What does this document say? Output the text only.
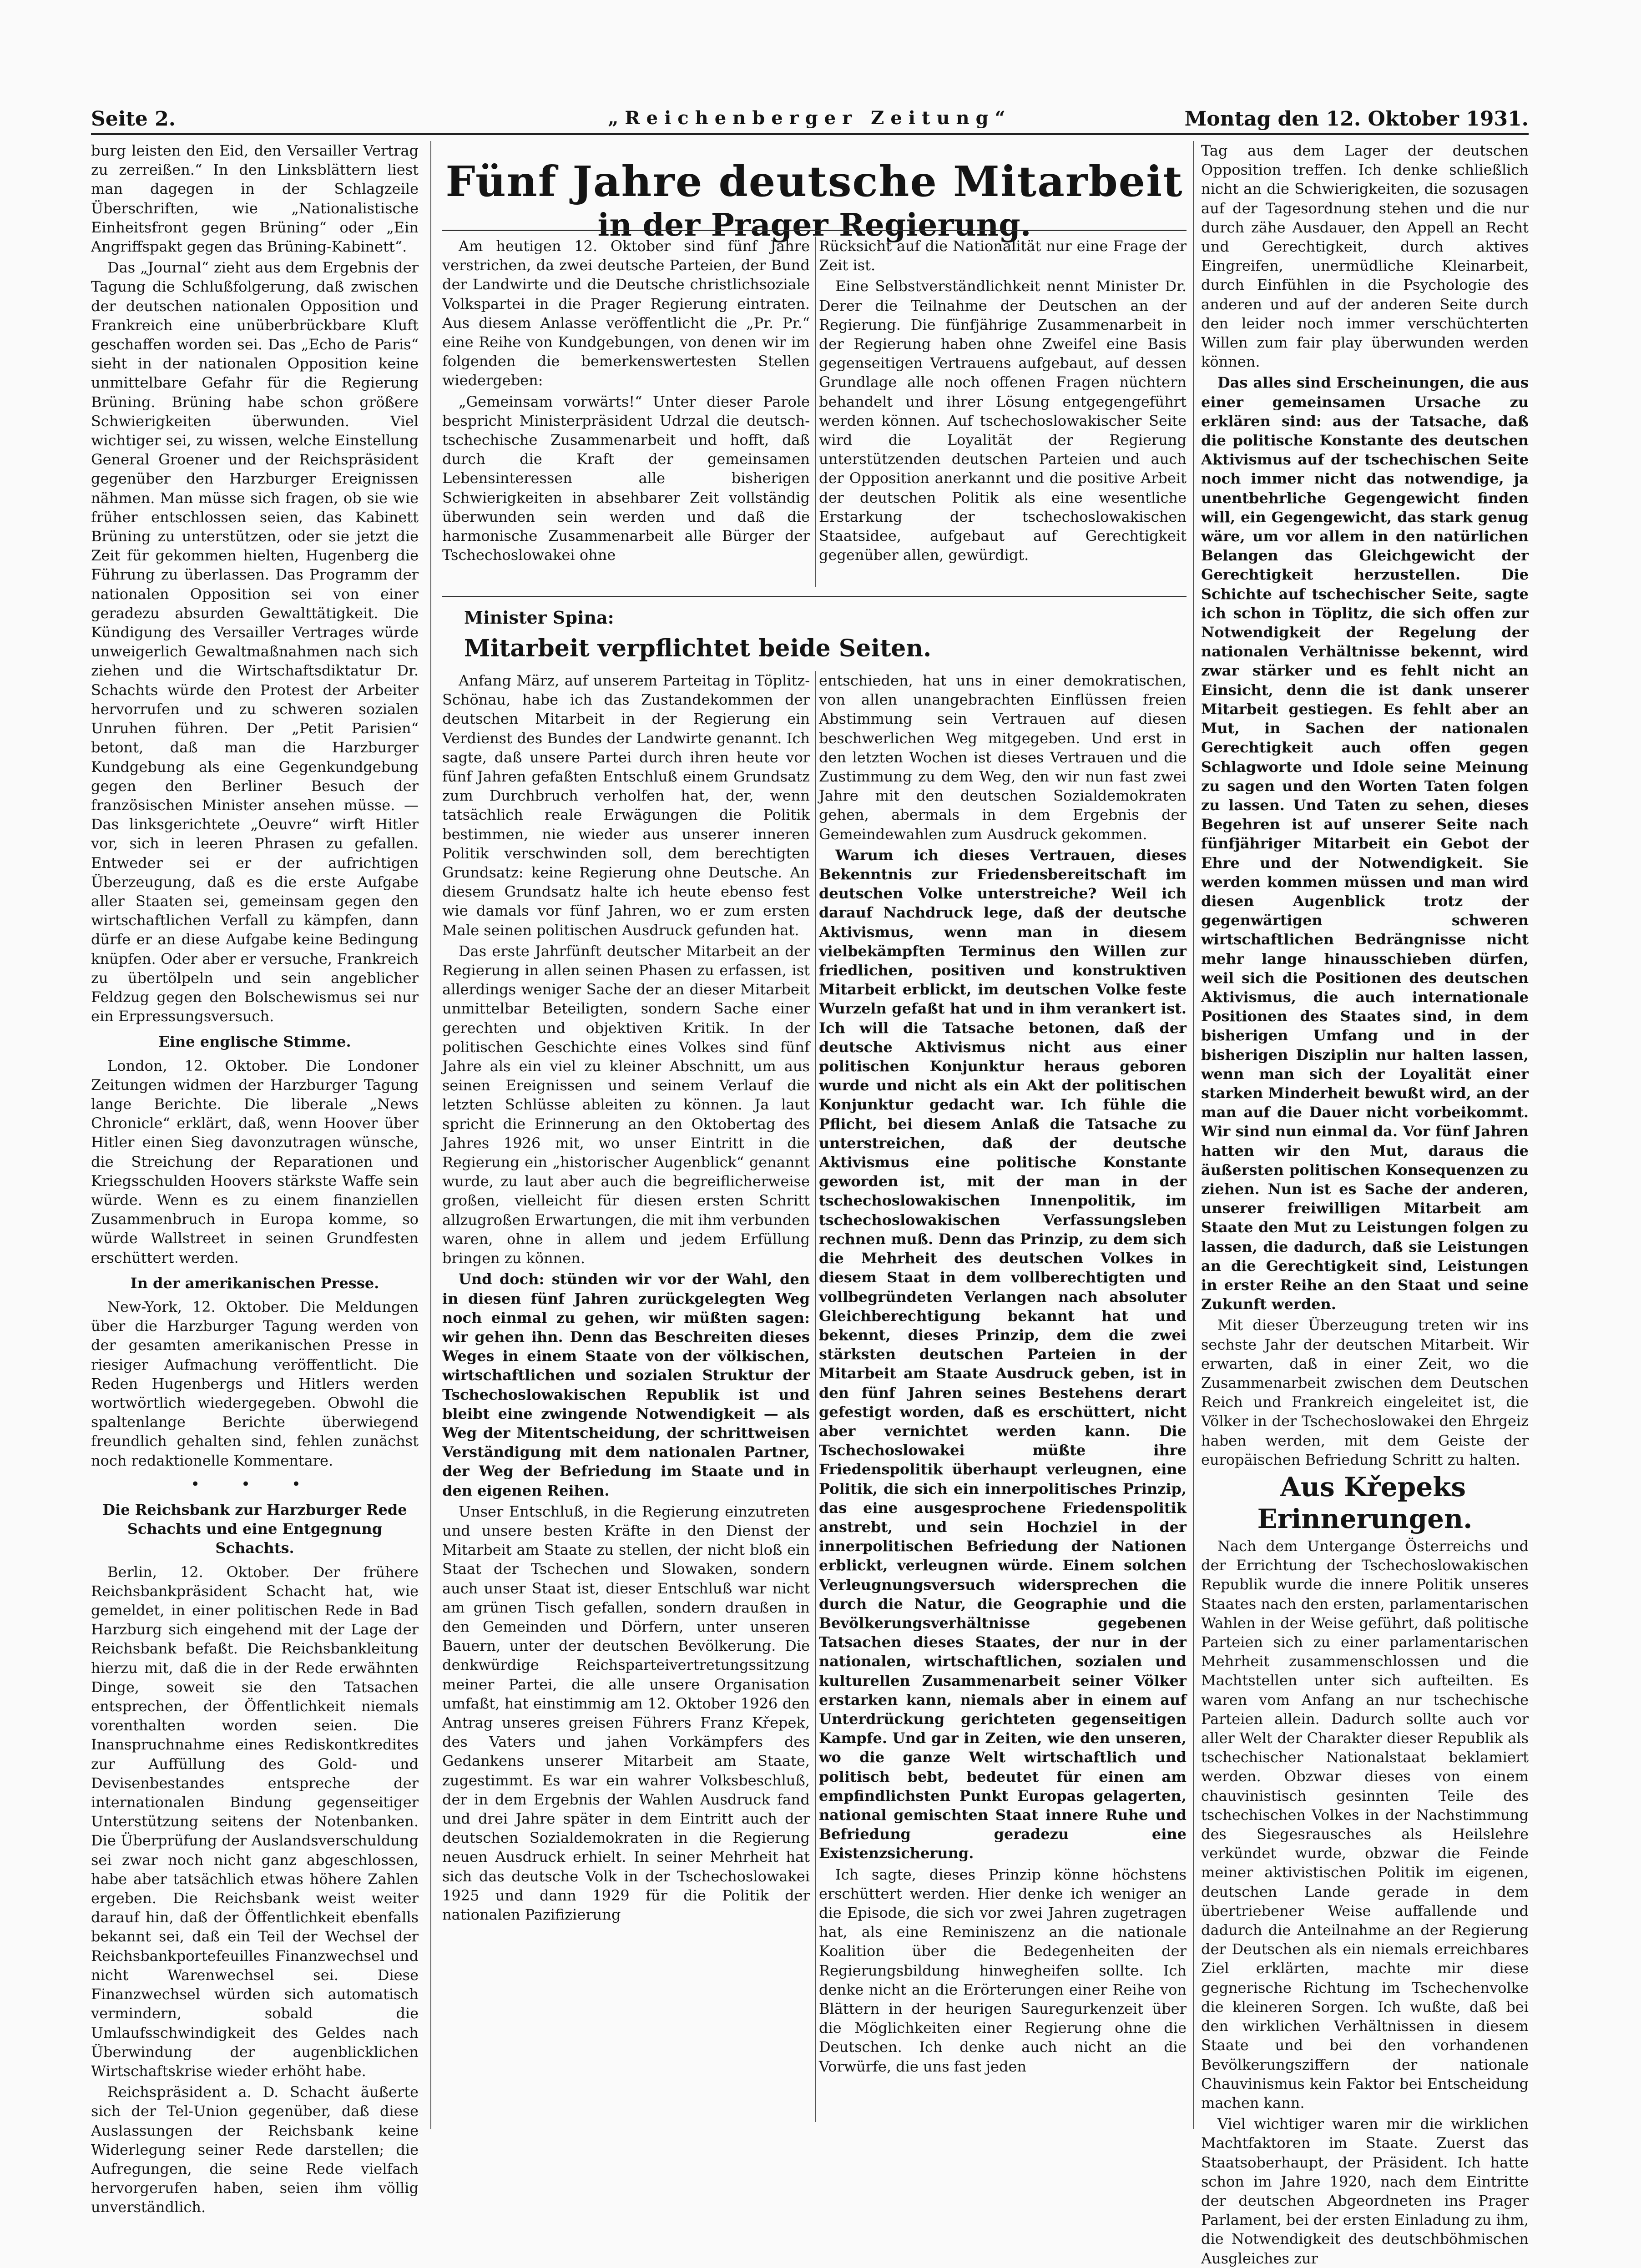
Seite 2.	„Reichenberger Zeitung“	Montag den 12. Oktober 1931.

burg leisten den Eid, den Versailler Vertrag zu zerreißen.“ In den Linksblättern liest man dagegen in der Schlagzeile Überschriften, wie „Nationalistische Einheitsfront gegen Brüning“ oder „Ein Angriffspakt gegen das Brüning-Kabinett“.

Das „Journal“ zieht aus dem Ergebnis der Tagung die Schlußfolgerung, daß zwischen der deutschen nationalen Opposition und Frankreich eine unüberbrückbare Kluft geschaffen worden sei. Das „Echo de Paris“ sieht in der nationalen Opposition keine unmittelbare Gefahr für die Regierung Brüning. Brüning habe schon größere Schwierigkeiten überwunden. Viel wichtiger sei, zu wissen, welche Einstellung General Groener und der Reichspräsident gegenüber den Harzburger Ereignissen nähmen. Man müsse sich fragen, ob sie wie früher entschlossen seien, das Kabinett Brüning zu unterstützen, oder sie jetzt die Zeit für gekommen hielten, Hugenberg die Führung zu überlassen. Das Programm der nationalen Opposition sei von einer geradezu absurden Gewalttätigkeit. Die Kündigung des Versailler Vertrages würde unweigerlich Gewaltmaßnahmen nach sich ziehen und die Wirtschaftsdiktatur Dr. Schachts würde den Protest der Arbeiter hervorrufen und zu schweren sozialen Unruhen führen. Der „Petit Parisien“ betont, daß man die Harzburger Kundgebung als eine Gegenkundgebung gegen den Berliner Besuch der französischen Minister ansehen müsse. — Das linksgerichtete „Oeuvre“ wirft Hitler vor, sich in leeren Phrasen zu gefallen. Entweder sei er der aufrichtigen Überzeugung, daß es die erste Aufgabe aller Staaten sei, gemeinsam gegen den wirtschaftlichen Verfall zu kämpfen, dann dürfe er an diese Aufgabe keine Bedingung knüpfen. Oder aber er versuche, Frankreich zu übertölpeln und sein angeblicher Feldzug gegen den Bolschewismus sei nur ein Erpressungsversuch.

Eine englische Stimme.

London, 12. Oktober. Die Londoner Zeitungen widmen der Harzburger Tagung lange Berichte. Die liberale „News Chronicle“ erklärt, daß, wenn Hoover über Hitler einen Sieg davonzutragen wünsche, die Streichung der Reparationen und Kriegsschulden Hoovers stärkste Waffe sein würde. Wenn es zu einem finanziellen Zusammenbruch in Europa komme, so würde Wallstreet in seinen Grundfesten erschüttert werden.

In der amerikanischen Presse.

New-York, 12. Oktober. Die Meldungen über die Harzburger Tagung werden von der gesamten amerikanischen Presse in riesiger Aufmachung veröffentlicht. Die Reden Hugenbergs und Hitlers werden wortwörtlich wiedergegeben. Obwohl die spaltenlange Berichte überwiegend freundlich gehalten sind, fehlen zunächst noch redaktionelle Kommentare.

• • •

Die Reichsbank zur Harzburger Rede Schachts und eine Entgegnung Schachts.

Berlin, 12. Oktober. Der frühere Reichsbankpräsident Schacht hat, wie gemeldet, in einer politischen Rede in Bad Harzburg sich eingehend mit der Lage der Reichsbank befaßt. Die Reichsbankleitung hierzu mit, daß die in der Rede erwähnten Dinge, soweit sie den Tatsachen entsprechen, der Öffentlichkeit niemals vorenthalten worden seien. Die Inanspruchnahme eines Rediskontkredites zur Auffüllung des Gold- und Devisenbestandes entspreche der internationalen Bindung gegenseitiger Unterstützung seitens der Notenbanken. Die Überprüfung der Auslandsverschuldung sei zwar noch nicht ganz abgeschlossen, habe aber tatsächlich etwas höhere Zahlen ergeben. Die Reichsbank weist weiter darauf hin, daß der Öffentlichkeit ebenfalls bekannt sei, daß ein Teil der Wechsel der Reichsbankportefeuilles Finanzwechsel und nicht Warenwechsel sei. Diese Finanzwechsel würden sich automatisch vermindern, sobald die Umlaufsschwindigkeit des Geldes nach Überwindung der augenblicklichen Wirtschaftskrise wieder erhöht habe.

Reichspräsident a. D. Schacht äußerte sich der Tel-Union gegenüber, daß diese Auslassungen der Reichsbank keine Widerlegung seiner Rede darstellen; die Aufregungen, die seine Rede vielfach hervorgerufen haben, seien ihm völlig unverständlich.

Fünf Jahre deutsche Mitarbeit
in der Prager Regierung.

Am heutigen 12. Oktober sind fünf Jahre verstrichen, da zwei deutsche Parteien, der Bund der Landwirte und die Deutsche christlichsoziale Volkspartei in die Prager Regierung eintraten. Aus diesem Anlasse veröffentlicht die „Pr. Pr.“ eine Reihe von Kundgebungen, von denen wir im folgenden die bemerkenswertesten Stellen wiedergeben:

„Gemeinsam vorwärts!“ Unter dieser Parole bespricht Ministerpräsident Udrzal die deutsch-tschechische Zusammenarbeit und hofft, daß durch die Kraft der gemeinsamen Lebensinteressen alle bisherigen Schwierigkeiten in absehbarer Zeit vollständig überwunden sein werden und daß die harmonische Zusammenarbeit alle Bürger der Tschechoslowakei ohne

Rücksicht auf die Nationalität nur eine Frage der Zeit ist.

Eine Selbstverständlichkeit nennt Minister Dr. Derer die Teilnahme der Deutschen an der Regierung. Die fünfjährige Zusammenarbeit in der Regierung haben ohne Zweifel eine Basis gegenseitigen Vertrauens aufgebaut, auf dessen Grundlage alle noch offenen Fragen nüchtern behandelt und ihrer Lösung entgegengeführt werden können. Auf tschechoslowakischer Seite wird die Loyalität der Regierung unterstützenden deutschen Parteien und auch der Opposition anerkannt und die positive Arbeit der deutschen Politik als eine wesentliche Erstarkung der tschechoslowakischen Staatsidee, aufgebaut auf Gerechtigkeit gegenüber allen, gewürdigt.

Minister Spina:
Mitarbeit verpflichtet beide Seiten.

Anfang März, auf unserem Parteitag in Töplitz-Schönau, habe ich das Zustandekommen der deutschen Mitarbeit in der Regierung ein Verdienst des Bundes der Landwirte genannt. Ich sagte, daß unsere Partei durch ihren heute vor fünf Jahren gefaßten Entschluß einem Grundsatz zum Durchbruch verholfen hat, der, wenn tatsächlich reale Erwägungen die Politik bestimmen, nie wieder aus unserer inneren Politik verschwinden soll, dem berechtigten Grundsatz: keine Regierung ohne Deutsche. An diesem Grundsatz halte ich heute ebenso fest wie damals vor fünf Jahren, wo er zum ersten Male seinen politischen Ausdruck gefunden hat.

Das erste Jahrfünft deutscher Mitarbeit an der Regierung in allen seinen Phasen zu erfassen, ist allerdings weniger Sache der an dieser Mitarbeit unmittelbar Beteiligten, sondern Sache einer gerechten und objektiven Kritik. In der politischen Geschichte eines Volkes sind fünf Jahre als ein viel zu kleiner Abschnitt, um aus seinen Ereignissen und seinem Verlauf die letzten Schlüsse ableiten zu können. Ja laut spricht die Erinnerung an den Oktobertag des Jahres 1926 mit, wo unser Eintritt in die Regierung ein „historischer Augenblick“ genannt wurde, zu laut aber auch die begreiflicherweise großen, vielleicht für diesen ersten Schritt allzugroßen Erwartungen, die mit ihm verbunden waren, ohne in allem und jedem Erfüllung bringen zu können.

Und doch: stünden wir vor der Wahl, den in diesen fünf Jahren zurückgelegten Weg noch einmal zu gehen, wir müßten sagen: wir gehen ihn. Denn das Beschreiten dieses Weges in einem Staate von der völkischen, wirtschaftlichen und sozialen Struktur der Tschechoslowakischen Republik ist und bleibt eine zwingende Notwendigkeit — als Weg der Mitentscheidung, der schrittweisen Verständigung mit dem nationalen Partner, der Weg der Befriedung im Staate und in den eigenen Reihen.

Unser Entschluß, in die Regierung einzutreten und unsere besten Kräfte in den Dienst der Mitarbeit am Staate zu stellen, der nicht bloß ein Staat der Tschechen und Slowaken, sondern auch unser Staat ist, dieser Entschluß war nicht am grünen Tisch gefallen, sondern draußen in den Gemeinden und Dörfern, unter unseren Bauern, unter der deutschen Bevölkerung. Die denkwürdige Reichsparteivertretungssitzung meiner Partei, die alle unsere Organisation umfaßt, hat einstimmig am 12. Oktober 1926 den Antrag unseres greisen Führers Franz Křepek, des Vaters und jahen Vorkämpfers des Gedankens unserer Mitarbeit am Staate, zugestimmt. Es war ein wahrer Volksbeschluß, der in dem Ergebnis der Wahlen Ausdruck fand und drei Jahre später in dem Eintritt auch der deutschen Sozialdemokraten in die Regierung neuen Ausdruck erhielt. In seiner Mehrheit hat sich das deutsche Volk in der Tschechoslowakei 1925 und dann 1929 für die Politik der nationalen Pazifizierung

entschieden, hat uns in einer demokratischen, von allen unangebrachten Einflüssen freien Abstimmung sein Vertrauen auf diesen beschwerlichen Weg mitgegeben. Und erst in den letzten Wochen ist dieses Vertrauen und die Zustimmung zu dem Weg, den wir nun fast zwei Jahre mit den deutschen Sozialdemokraten gehen, abermals in dem Ergebnis der Gemeindewahlen zum Ausdruck gekommen.

Warum ich dieses Vertrauen, dieses Bekenntnis zur Friedensbereitschaft im deutschen Volke unterstreiche? Weil ich darauf Nachdruck lege, daß der deutsche Aktivismus, wenn man in diesem vielbekämpften Terminus den Willen zur friedlichen, positiven und konstruktiven Mitarbeit erblickt, im deutschen Volke feste Wurzeln gefaßt hat und in ihm verankert ist. Ich will die Tatsache betonen, daß der deutsche Aktivismus nicht aus einer politischen Konjunktur heraus geboren wurde und nicht als ein Akt der politischen Konjunktur gedacht war. Ich fühle die Pflicht, bei diesem Anlaß die Tatsache zu unterstreichen, daß der deutsche Aktivismus eine politische Konstante geworden ist, mit der man in der tschechoslowakischen Innenpolitik, im tschechoslowakischen Verfassungsleben rechnen muß. Denn das Prinzip, zu dem sich die Mehrheit des deutschen Volkes in diesem Staat in dem vollberechtigten und vollbegründeten Verlangen nach absoluter Gleichberechtigung bekannt hat und bekennt, dieses Prinzip, dem die zwei stärksten deutschen Parteien in der Mitarbeit am Staate Ausdruck geben, ist in den fünf Jahren seines Bestehens derart gefestigt worden, daß es erschüttert, nicht aber vernichtet werden kann. Die Tschechoslowakei müßte ihre Friedenspolitik überhaupt verleugnen, eine Politik, die sich ein innerpolitisches Prinzip, das eine ausgesprochene Friedenspolitik anstrebt, und sein Hochziel in der innerpolitischen Befriedung der Nationen erblickt, verleugnen würde. Einem solchen Verleugnungsversuch widersprechen die durch die Natur, die Geographie und die Bevölkerungsverhältnisse gegebenen Tatsachen dieses Staates, der nur in der nationalen, wirtschaftlichen, sozialen und kulturellen Zusammenarbeit seiner Völker erstarken kann, niemals aber in einem auf Unterdrückung gerichteten gegenseitigen Kampfe. Und gar in Zeiten, wie den unseren, wo die ganze Welt wirtschaftlich und politisch bebt, bedeutet für einen am empfindlichsten Punkt Europas gelagerten, national gemischten Staat innere Ruhe und Befriedung geradezu eine Existenzsicherung.

Ich sagte, dieses Prinzip könne höchstens erschüttert werden. Hier denke ich weniger an die Episode, die sich vor zwei Jahren zugetragen hat, als eine Reminiszenz an die nationale Koalition über die Bedegenheiten der Regierungsbildung hinwegheifen sollte. Ich denke nicht an die Erörterungen einer Reihe von Blättern in der heurigen Sauregurkenzeit über die Möglichkeiten einer Regierung ohne die Deutschen. Ich denke auch nicht an die Vorwürfe, die uns fast jeden

Tag aus dem Lager der deutschen Opposition treffen. Ich denke schließlich nicht an die Schwierigkeiten, die sozusagen auf der Tagesordnung stehen und die nur durch zähe Ausdauer, den Appell an Recht und Gerechtigkeit, durch aktives Eingreifen, unermüdliche Kleinarbeit, durch Einfühlen in die Psychologie des anderen und auf der anderen Seite durch den leider noch immer verschüchterten Willen zum fair play überwunden werden können.

Das alles sind Erscheinungen, die aus einer gemeinsamen Ursache zu erklären sind: aus der Tatsache, daß die politische Konstante des deutschen Aktivismus auf der tschechischen Seite noch immer nicht das notwendige, ja unentbehrliche Gegengewicht finden will, ein Gegengewicht, das stark genug wäre, um vor allem in den natürlichen Belangen das Gleichgewicht der Gerechtigkeit herzustellen. Die Schichte auf tschechischer Seite, sagte ich schon in Töplitz, die sich offen zur Notwendigkeit der Regelung der nationalen Verhältnisse bekennt, wird zwar stärker und es fehlt nicht an Einsicht, denn die ist dank unserer Mitarbeit gestiegen. Es fehlt aber an Mut, in Sachen der nationalen Gerechtigkeit auch offen gegen Schlagworte und Idole seine Meinung zu sagen und den Worten Taten folgen zu lassen. Und Taten zu sehen, dieses Begehren ist auf unserer Seite nach fünfjähriger Mitarbeit ein Gebot der Ehre und der Notwendigkeit. Sie werden kommen müssen und man wird diesen Augenblick trotz der gegenwärtigen schweren wirtschaftlichen Bedrängnisse nicht mehr lange hinausschieben dürfen, weil sich die Positionen des deutschen Aktivismus, die auch internationale Positionen des Staates sind, in dem bisherigen Umfang und in der bisherigen Disziplin nur halten lassen, wenn man sich der Loyalität einer starken Minderheit bewußt wird, an der man auf die Dauer nicht vorbeikommt. Wir sind nun einmal da. Vor fünf Jahren hatten wir den Mut, daraus die äußersten politischen Konsequenzen zu ziehen. Nun ist es Sache der anderen, unserer freiwilligen Mitarbeit am Staate den Mut zu Leistungen folgen zu lassen, die dadurch, daß sie Leistungen an die Gerechtigkeit sind, Leistungen in erster Reihe an den Staat und seine Zukunft werden.

Mit dieser Überzeugung treten wir ins sechste Jahr der deutschen Mitarbeit. Wir erwarten, daß in einer Zeit, wo die Zusammenarbeit zwischen dem Deutschen Reich und Frankreich eingeleitet ist, die Völker in der Tschechoslowakei den Ehrgeiz haben werden, mit dem Geiste der europäischen Befriedung Schritt zu halten.

Aus Křepeks Erinnerungen.

Nach dem Untergange Österreichs und der Errichtung der Tschechoslowakischen Republik wurde die innere Politik unseres Staates nach den ersten, parlamentarischen Wahlen in der Weise geführt, daß politische Parteien sich zu einer parlamentarischen Mehrheit zusammenschlossen und die Machtstellen unter sich aufteilten. Es waren vom Anfang an nur tschechische Parteien allein. Dadurch sollte auch vor aller Welt der Charakter dieser Republik als tschechischer Nationalstaat beklamiert werden. Obzwar dieses von einem chauvinistisch gesinnten Teile des tschechischen Volkes in der Nachstimmung des Siegesrausches als Heilslehre verkündet wurde, obzwar die Feinde meiner aktivistischen Politik im eigenen, deutschen Lande gerade in dem übertriebener Weise auffallende und dadurch die Anteilnahme an der Regierung der Deutschen als ein niemals erreichbares Ziel erklärten, machte mir diese gegnerische Richtung im Tschechenvolke die kleineren Sorgen. Ich wußte, daß bei den wirklichen Verhältnissen in diesem Staate und bei den vorhandenen Bevölkerungsziffern der nationale Chauvinismus kein Faktor bei Entscheidung machen kann.

Viel wichtiger waren mir die wirklichen Machtfaktoren im Staate. Zuerst das Staatsoberhaupt, der Präsident. Ich hatte schon im Jahre 1920, nach dem Eintritte der deutschen Abgeordneten ins Prager Parlament, bei der ersten Einladung zu ihm, die Notwendigkeit des deutschböhmischen Ausgleiches zur
